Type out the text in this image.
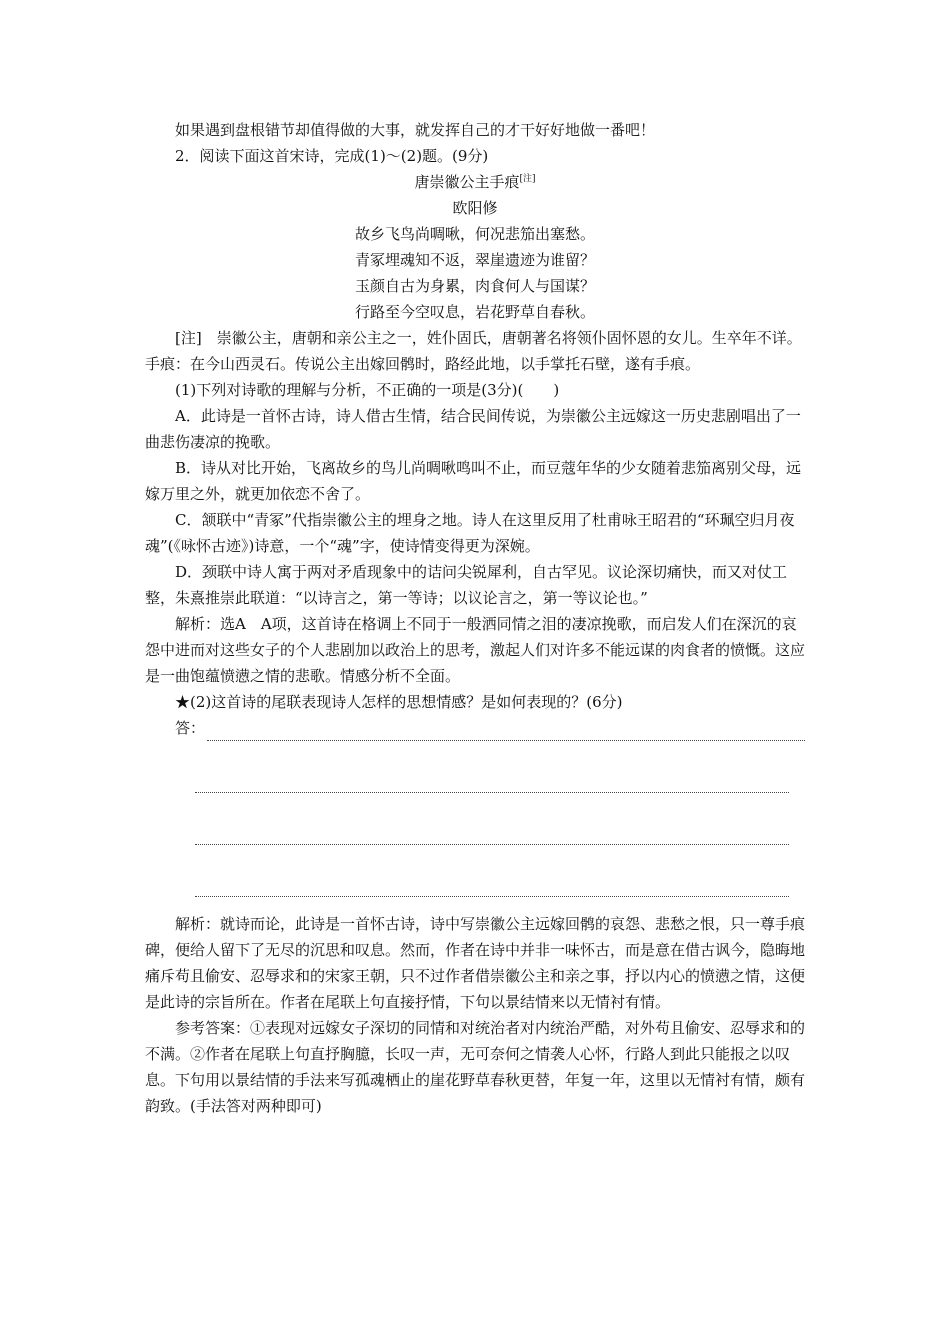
如果遇到盘根错节却值得做的大事，就发挥自己的才干好好地做一番吧！

2．阅读下面这首宋诗，完成(1)～(2)题。(9分)

唐崇徽公主手痕[注]

欧阳修

故乡飞鸟尚啁啾，何况悲笳出塞愁。

青冢埋魂知不返，翠崖遗迹为谁留？

玉颜自古为身累，肉食何人与国谋？

行路至今空叹息，岩花野草自春秋。

[注]　崇徽公主，唐朝和亲公主之一，姓仆固氏，唐朝著名将领仆固怀恩的女儿。生卒年不详。手痕：在今山西灵石。传说公主出嫁回鹘时，路经此地，以手掌托石壁，遂有手痕。

(1)下列对诗歌的理解与分析，不正确的一项是(3分)(　　)

A．此诗是一首怀古诗，诗人借古生情，结合民间传说，为崇徽公主远嫁这一历史悲剧唱出了一曲悲伤凄凉的挽歌。

B．诗从对比开始，飞离故乡的鸟儿尚啁啾鸣叫不止，而豆蔻年华的少女随着悲笳离别父母，远嫁万里之外，就更加依恋不舍了。

C．颔联中“青冢”代指崇徽公主的埋身之地。诗人在这里反用了杜甫咏王昭君的“环珮空归月夜魂”(《咏怀古迹》)诗意，一个“魂”字，使诗情变得更为深婉。

D．颈联中诗人寓于两对矛盾现象中的诘问尖锐犀利，自古罕见。议论深切痛快，而又对仗工整，朱熹推崇此联道：“以诗言之，第一等诗；以议论言之，第一等议论也。”

解析：选A　A项，这首诗在格调上不同于一般洒同情之泪的凄凉挽歌，而启发人们在深沉的哀怨中进而对这些女子的个人悲剧加以政治上的思考，激起人们对许多不能远谋的肉食者的愤慨。这应是一曲饱蕴愤懑之情的悲歌。情感分析不全面。

★(2)这首诗的尾联表现诗人怎样的思想情感？是如何表现的？(6分)

答：

解析：就诗而论，此诗是一首怀古诗，诗中写崇徽公主远嫁回鹘的哀怨、悲愁之恨，只一尊手痕碑，便给人留下了无尽的沉思和叹息。然而，作者在诗中并非一味怀古，而是意在借古讽今，隐晦地痛斥苟且偷安、忍辱求和的宋家王朝，只不过作者借崇徽公主和亲之事，抒以内心的愤懑之情，这便是此诗的宗旨所在。作者在尾联上句直接抒情，下句以景结情来以无情衬有情。

参考答案：①表现对远嫁女子深切的同情和对统治者对内统治严酷，对外苟且偷安、忍辱求和的不满。②作者在尾联上句直抒胸臆，长叹一声，无可奈何之情袭人心怀，行路人到此只能报之以叹息。下句用以景结情的手法来写孤魂栖止的崖花野草春秋更替，年复一年，这里以无情衬有情，颇有韵致。(手法答对两种即可)
